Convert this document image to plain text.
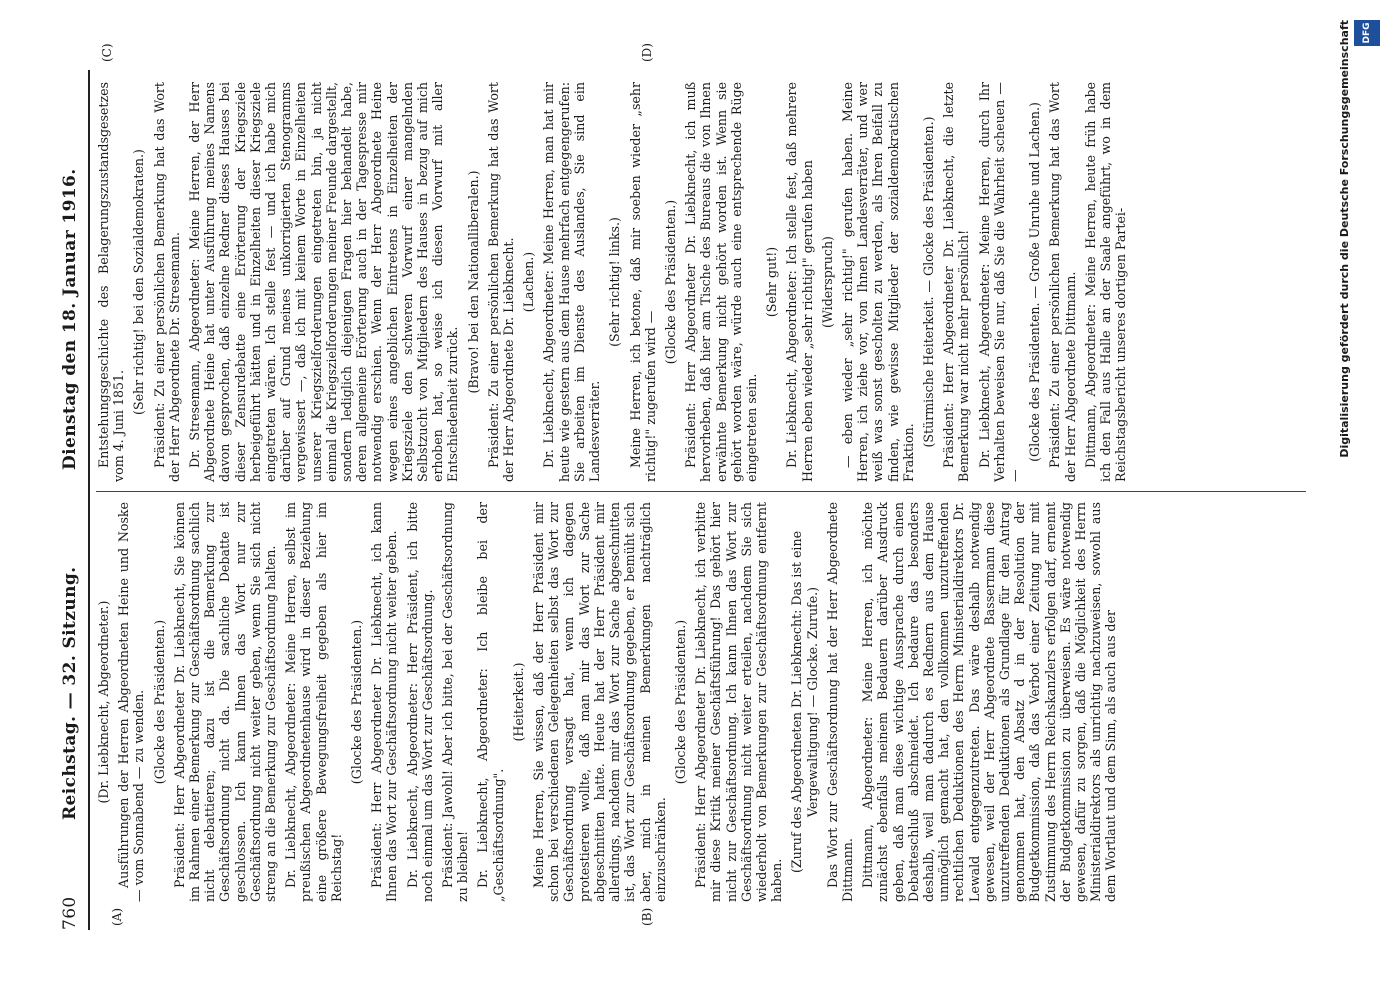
760
Reichstag. — 32. Sitzung.
Dienstag den 18. Januar 1916.
(A)	(B)
(C)	(D)

(Dr. Liebknecht, Abgeordneter.) Ausführungen der Herren Abgeordneten Heine und Noske — vom Sonnabend — zu wenden. (Glocke des Präsidenten.) Präsident: Herr Abgeordneter Dr. Liebknecht, Sie können im Rahmen einer Bemerkung zur Geschäftsordnung sachlich nicht debattieren; dazu ist die Bemerkung zur Geschäftsordnung nicht da. Die sachliche Debatte ist geschlossen. Ich kann Ihnen das Wort nur zur Geschäftsordnung nicht weiter geben, wenn Sie sich nicht streng an die Bemerkung zur Geschäftsordnung halten. Dr. Liebknecht, Abgeordneter: Meine Herren, selbst im preußischen Abgeordnetenhause wird in dieser Beziehung eine größere Bewegungsfreiheit gegeben als hier im Reichstag!

(Glocke des Präsidenten.) Präsident: Herr Abgeordneter Dr. Liebknecht, ich kann Ihnen das Wort zur Geschäftsordnung nicht weiter geben. Dr. Liebknecht, Abgeordneter: Herr Präsident, ich bitte noch einmal um das Wort zur Geschäftsordnung. Präsident: Jawohl! Aber ich bitte, bei der Geschäftsordnung zu bleiben! Dr. Liebknecht, Abgeordneter: Ich bleibe bei der „Geschäftsordnung".

(Heiterkeit.) Meine Herren, Sie wissen, daß der Herr Präsident mir schon bei verschiedenen Gelegenheiten selbst das Wort zur Geschäftsordnung versagt hat, wenn ich dagegen protestieren wollte, daß man mir das Wort zur Sache abgeschnitten hatte. Heute hat der Herr Präsident mir allerdings, nachdem mir das Wort zur Sache abgeschnitten ist, das Wort zur Geschäftsordnung gegeben, er bemüht sich aber, mich in meinen Bemerkungen nachträglich einzuschränken.

(Glocke des Präsidenten.) Präsident: Herr Abgeordneter Dr. Liebknecht, ich verbitte mir diese Kritik meiner Geschäftsführung! Das gehört hier nicht zur Geschäftsordnung. Ich kann Ihnen das Wort zur Geschäftsordnung nicht weiter erteilen, nachdem Sie sich wiederholt von Bemerkungen zur Geschäftsordnung entfernt haben.

(Zuruf des Abgeordneten Dr. Liebknecht: Das ist eine Vergewaltigung! — Glocke. Zurufe.) Das Wort zur Geschäftsordnung hat der Herr Abgeordnete Dittmann. Dittmann, Abgeordneter: Meine Herren, ich möchte zunächst ebenfalls meinem Bedauern darüber Ausdruck geben, daß man diese wichtige Aussprache durch einen Debatteschluß abschneidet. Ich bedaure das besonders deshalb, weil man dadurch es Rednern aus dem Hause unmöglich gemacht hat, den vollkommen unzutreffenden rechtlichen Deduktionen des Herrn Ministerialdirektors Dr. Lewald entgegenzutreten. Das wäre deshalb notwendig gewesen, weil der Herr Abgeordnete Bassermann diese unzutreffenden Deduktionen als Grundlage für den Antrag genommen hat, den Absatz d in der Resolution der Budgetkommission, daß das Verbot einer Zeitung nur mit Zustimmung des Herrn Reichskanzlers erfolgen darf, ernennt der Budgetkommission zu überweisen. Es wäre notwendig gewesen, dafür zu sorgen, daß die Möglichkeit des Herrn Ministerialdirektors als unrichtig nachzuweisen, sowohl aus dem Wortlaut und dem Sinn, als auch aus der

Entstehungsgeschichte des Belagerungszustandsgesetzes vom 4. Juni 1851.

(Sehr richtig! bei den Sozialdemokraten.) Präsident: Zu einer persönlichen Bemerkung hat das Wort der Herr Abgeordnete Dr. Stresemann. Dr. Stresemann, Abgeordneter: Meine Herren, der Herr Abgeordnete Heine hat unter Ausführung meines Namens davon gesprochen, daß einzelne Redner dieses Hauses bei dieser Zensurdebatte eine Erörterung der Kriegsziele herbeigeführt hätten und in Einzelheiten dieser Kriegsziele eingetreten wären. Ich stelle fest — und ich habe mich darüber auf Grund meines unkorrigierten Stenogramms vergewissert —, daß ich mit keinem Worte in Einzelheiten unserer Kriegszielforderungen eingetreten bin, ja nicht einmal die Kriegszielforderungen meiner Freunde dargestellt, sondern lediglich diejenigen Fragen hier behandelt habe, deren allgemeine Erörterung auch in der Tagespresse mir notwendig erschien. Wenn der Herr Abgeordnete Heine wegen eines angeblichen Eintretens in Einzelheiten der Kriegsziele den schweren Vorwurf einer mangelnden Selbstzucht von Mitgliedern des Hauses in bezug auf mich erhoben hat, so weise ich diesen Vorwurf mit aller Entschiedenheit zurück.

(Bravo! bei den Nationalliberalen.) Präsident: Zu einer persönlichen Bemerkung hat das Wort der Herr Abgeordnete Dr. Liebknecht. (Lachen.) Dr. Liebknecht, Abgeordneter: Meine Herren, man hat mir heute wie gestern aus dem Hause mehrfach entgegengerufen: Sie arbeiten im Dienste des Auslandes, Sie sind ein Landesverräter.

(Sehr richtig! links.) Meine Herren, ich betone, daß mir soeben wieder „sehr richtig!" zugerufen wird —

(Glocke des Präsidenten.) Präsident: Herr Abgeordneter Dr. Liebknecht, ich muß hervorheben, daß hier am Tische des Bureaus die von Ihnen erwähnte Bemerkung nicht gehört worden ist. Wenn sie gehört worden wäre, würde auch eine entsprechende Rüge eingetreten sein.

(Sehr gut!) Dr. Liebknecht, Abgeordneter: Ich stelle fest, daß mehrere Herren eben wieder „sehr richtig!" gerufen haben (Widerspruch) — eben wieder „sehr richtig!" gerufen haben. Meine Herren, ich ziehe vor, von Ihnen Landesverräter, und wer weiß was sonst gescholten zu werden, als Ihren Beifall zu finden, wie gewisse Mitglieder der sozialdemokratischen Fraktion.

(Stürmische Heiterkeit. — Glocke des Präsidenten.) Präsident: Herr Abgeordneter Dr. Liebknecht, die letzte Bemerkung war nicht mehr persönlich! Dr. Liebknecht, Abgeordneter: Meine Herren, durch Ihr Verhalten beweisen Sie nur, daß Sie die Wahrheit scheuen — —

(Glocke des Präsidenten. — Große Unruhe und Lachen.) Präsident: Zu einer persönlichen Bemerkung hat das Wort der Herr Abgeordnete Dittmann. Dittmann, Abgeordneter: Meine Herren, heute früh habe ich den Fall aus Halle an der Saale angeführt, wo in dem Reichstagsbericht unseres dortigen Partei-	Digitalisierung gefördert durch die Deutsche Forschungsgemeinschaft	DFG
